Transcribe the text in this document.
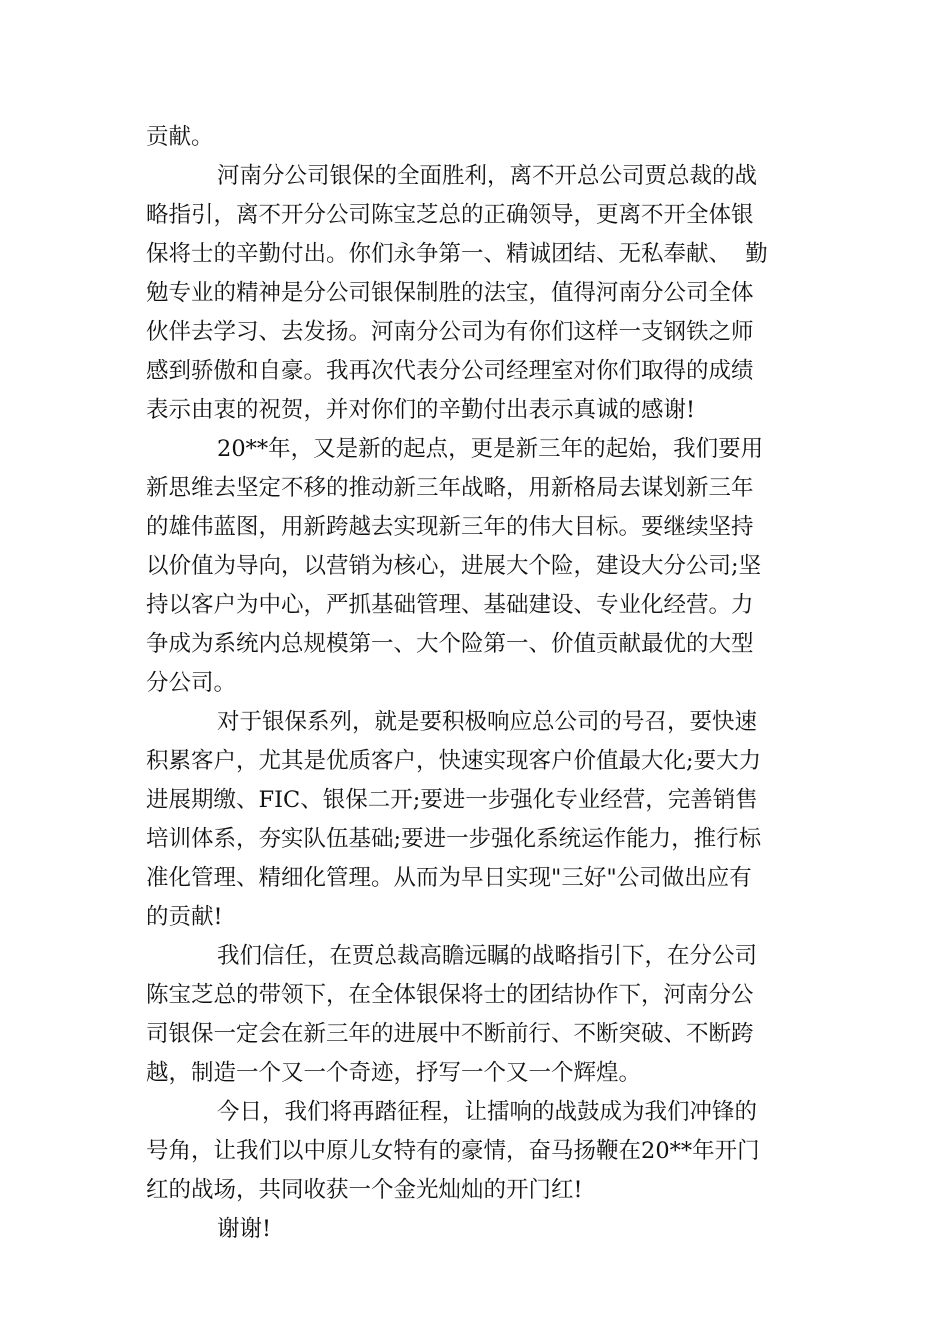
贡献。
河南分公司银保的全面胜利，离不开总公司贾总裁的战
略指引，离不开分公司陈宝芝总的正确领导，更离不开全体银
保将士的辛勤付出。你们永争第一、精诚团结、无私奉献、  勤
勉专业的精神是分公司银保制胜的法宝，值得河南分公司全体
伙伴去学习、去发扬。河南分公司为有你们这样一支钢铁之师
感到骄傲和自豪。我再次代表分公司经理室对你们取得的成绩
表示由衷的祝贺，并对你们的辛勤付出表示真诚的感谢!
20**年，又是新的起点，更是新三年的起始，我们要用
新思维去坚定不移的推动新三年战略，用新格局去谋划新三年
的雄伟蓝图，用新跨越去实现新三年的伟大目标。要继续坚持
以价值为导向，以营销为核心，进展大个险，建设大分公司;坚
持以客户为中心，严抓基础管理、基础建设、专业化经营。力
争成为系统内总规模第一、大个险第一、价值贡献最优的大型
分公司。
对于银保系列，就是要积极响应总公司的号召，要快速
积累客户，尤其是优质客户，快速实现客户价值最大化;要大力
进展期缴、FIC、银保二开;要进一步强化专业经营，完善销售
培训体系，夯实队伍基础;要进一步强化系统运作能力，推行标
准化管理、精细化管理。从而为早日实现"三好"公司做出应有
的贡献!
我们信任，在贾总裁高瞻远瞩的战略指引下，在分公司
陈宝芝总的带领下，在全体银保将士的团结协作下，河南分公
司银保一定会在新三年的进展中不断前行、不断突破、不断跨
越，制造一个又一个奇迹，抒写一个又一个辉煌。
今日，我们将再踏征程，让擂响的战鼓成为我们冲锋的
号角，让我们以中原儿女特有的豪情，奋马扬鞭在20**年开门
红的战场，共同收获一个金光灿灿的开门红!
谢谢!
